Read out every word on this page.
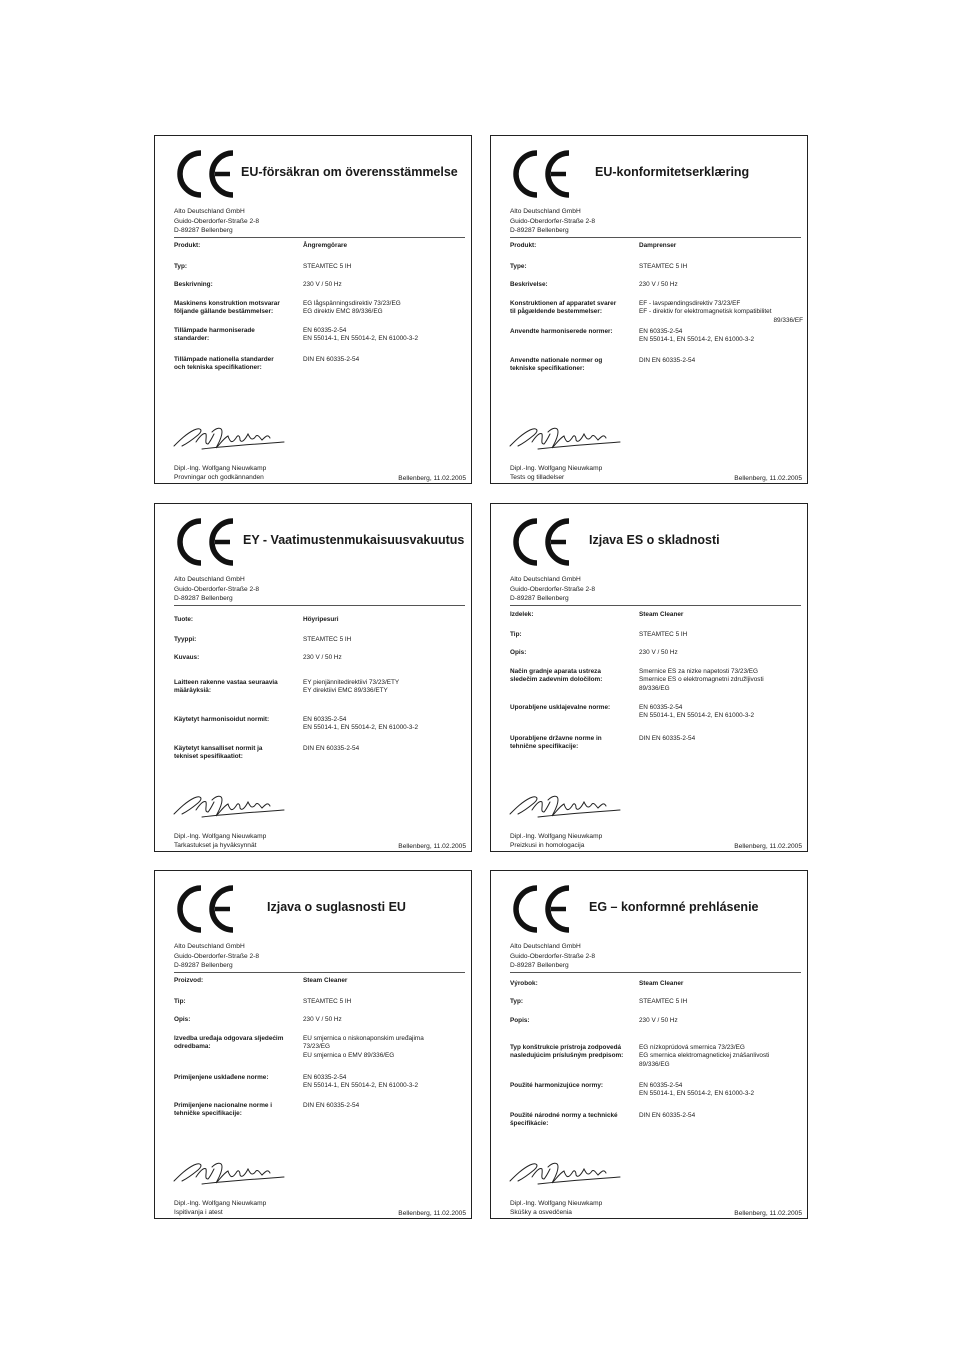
EU-försäkran om överensstämmelse
Alto Deutschland GmbH
Guido-Oberdorfer-Straße 2-8
D-89287 Bellenberg
Produkt:	Ångremgörare
Typ:	STEAMTEC 5 IH
Beskrivning:	230 V / 50 Hz
Maskinens konstruktion motsvarar
följande gällande bestämmelser:
EG lågspänningsdirektiv 73/23/EG
EG direktiv EMC 89/336/EG
Tillämpade harmoniserade
standarder:
EN 60335-2-54
EN 55014-1, EN 55014-2, EN 61000-3-2
Tillämpade nationella standarder
och tekniska specifikationer:
DIN EN 60335-2-54
Dipl.-Ing. Wolfgang Nieuwkamp
Provningar och godkännanden	Bellenberg, 11.02.2005
EU-konformitetserklæring
Alto Deutschland GmbH
Guido-Oberdorfer-Straße 2-8
D-89287 Bellenberg
Produkt:	Damprenser
Type:	STEAMTEC 5 IH
Beskrivelse:	230 V / 50 Hz
Konstruktionen af apparatet svarer
til pågældende bestemmelser:
EF - lavspændingsdirektiv 73/23/EF
EF - direktiv for elektromagnetisk kompatibilitet
89/336/EF
Anvendte harmoniserede normer:	EN 60335-2-54
EN 55014-1, EN 55014-2, EN 61000-3-2
Anvendte nationale normer og
tekniske specifikationer:
DIN EN 60335-2-54
Dipl.-Ing. Wolfgang Nieuwkamp
Tests og tilladelser	Bellenberg, 11.02.2005
EY - Vaatimustenmukaisuusvakuutus
Alto Deutschland GmbH
Guido-Oberdorfer-Straße 2-8
D-89287 Bellenberg
Tuote:	Höyripesuri
Tyyppi:	STEAMTEC 5 IH
Kuvaus:	230 V / 50 Hz
Laitteen rakenne vastaa seuraavia
määräyksiä:
EY pienjännitedirektiivi 73/23/ETY
EY direktiivi EMC 89/336/ETY
Käytetyt harmonisoidut normit:	EN 60335-2-54
EN 55014-1, EN 55014-2, EN 61000-3-2
Käytetyt kansalliset normit ja
tekniset spesifikaatiot:
DIN EN 60335-2-54
Dipl.-Ing. Wolfgang Nieuwkamp
Tarkastukset ja hyväksynnät	Bellenberg, 11.02.2005
Izjava ES o skladnosti
Alto Deutschland GmbH
Guido-Oberdorfer-Straße 2-8
D-89287 Bellenberg
Izdelek:	Steam Cleaner
Tip:	STEAMTEC 5 IH
Opis:	230 V / 50 Hz
Način gradnje aparata ustreza
sledečim zadevnim določilom:
Smernice ES za nizke napetosti 73/23/EG
Smernice ES o elektromagnetni združljivosti
89/336/EG
Uporabljene usklajevalne norme:	EN 60335-2-54
EN 55014-1, EN 55014-2, EN 61000-3-2
Uporabljene državne norme in
tehnične specifikacije:
DIN EN 60335-2-54
Dipl.-Ing. Wolfgang Nieuwkamp
Preizkusi in homologacija	Bellenberg, 11.02.2005
Izjava o suglasnosti EU
Alto Deutschland GmbH
Guido-Oberdorfer-Straße 2-8
D-89287 Bellenberg
Proizvod:	Steam Cleaner
Tip:	STEAMTEC 5 IH
Opis:	230 V / 50 Hz
Izvedba uređaja odgovara sljedećim
odredbama:
EU smjernica o niskonaponskim uređajima
73/23/EG
EU smjernica o EMV 89/336/EG
Primijenjene usklađene norme:	EN 60335-2-54
EN 55014-1, EN 55014-2, EN 61000-3-2
Primijenjene nacionalne norme i
tehničke specifikacije:
DIN EN 60335-2-54
Dipl.-Ing. Wolfgang Nieuwkamp
Ispitivanja i atest	Bellenberg, 11.02.2005
EG – konformné prehlásenie
Alto Deutschland GmbH
Guido-Oberdorfer-Straße 2-8
D-89287 Bellenberg
Výrobok:	Steam Cleaner
Typ:	STEAMTEC 5 IH
Popis:	230 V / 50 Hz
Typ konštrukcie prístroja zodpovedá
nasledujúcim príslušným predpisom:
EG nízkoprúdová smernica 73/23/EG
EG smernica elektromagnetickej znášanlivosti
89/336/EG
Použité harmonizujúce normy:	EN 60335-2-54
EN 55014-1, EN 55014-2, EN 61000-3-2
Použité národné normy a technické
špecifikácie:
DIN EN 60335-2-54
Dipl.-Ing. Wolfgang Nieuwkamp
Skúšky a osvedčenia	Bellenberg, 11.02.2005
